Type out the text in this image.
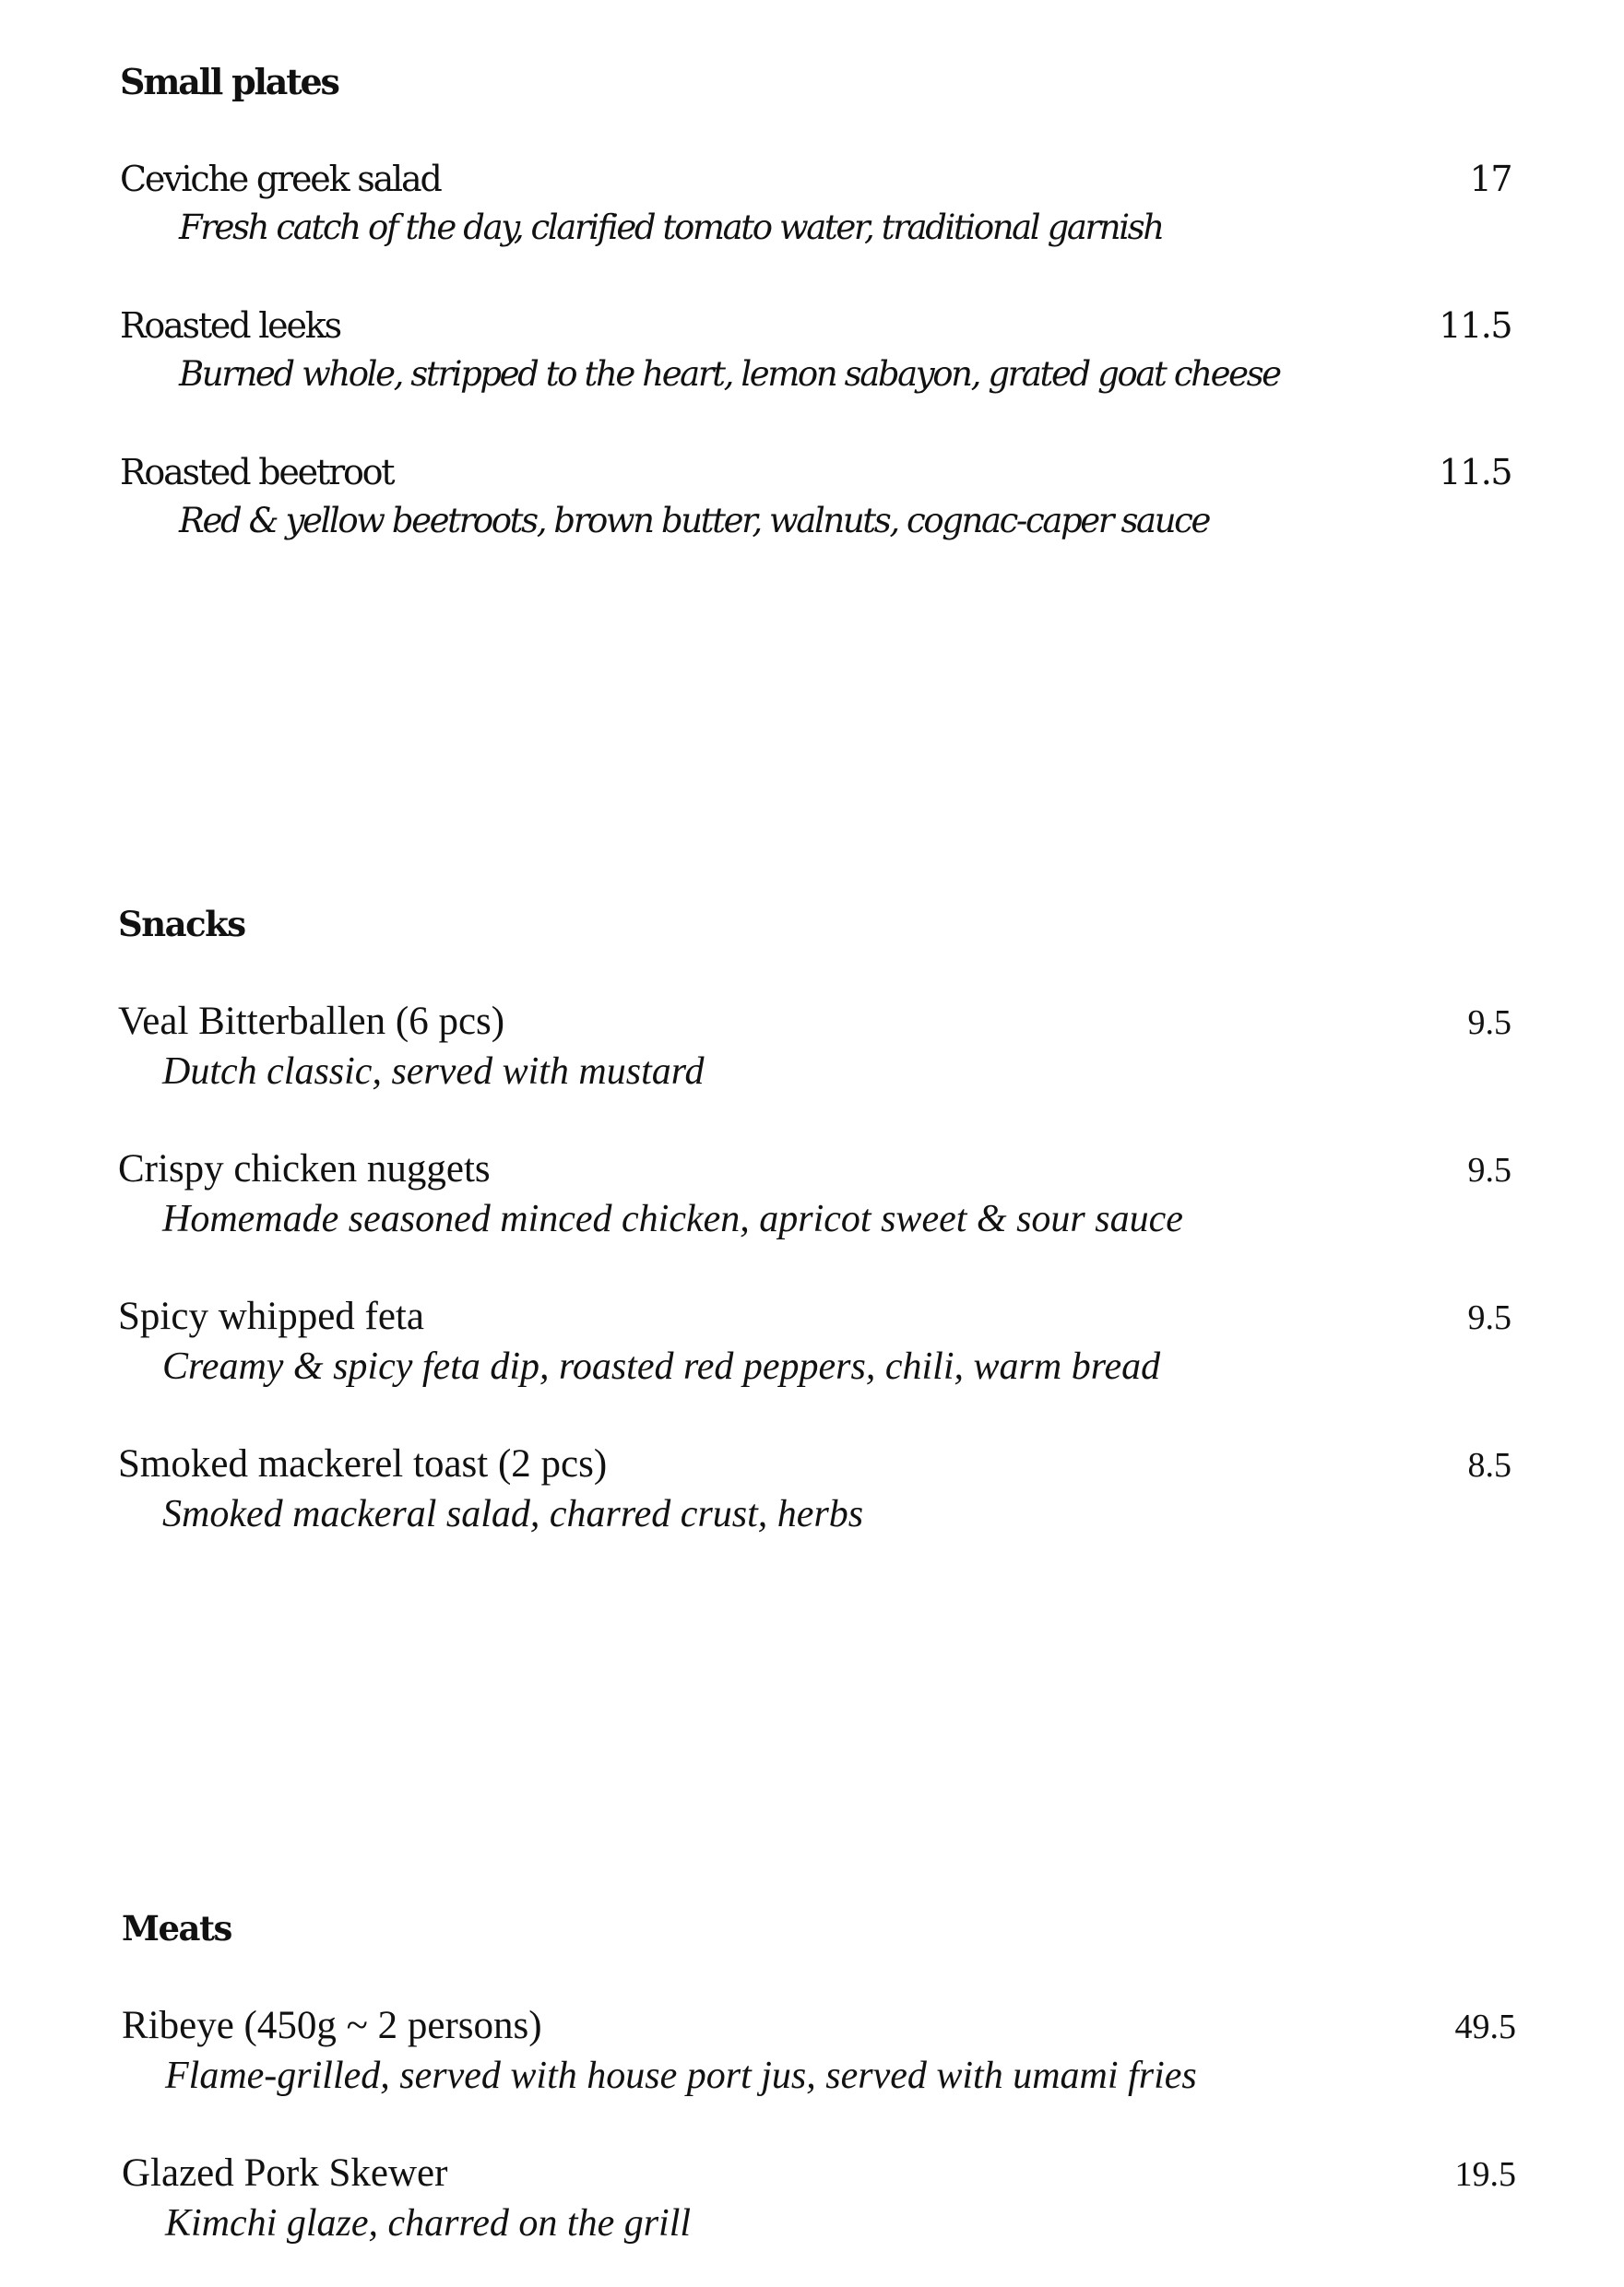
Small plates
Ceviche greek salad	17
Fresh catch of the day, clarified tomato water, traditional garnish
Roasted leeks	11.5
Burned whole, stripped to the heart, lemon sabayon, grated goat cheese
Roasted beetroot	11.5
Red & yellow beetroots, brown butter, walnuts, cognac-caper sauce
Snacks
Veal Bitterballen (6 pcs)	9.5
Dutch classic, served with mustard
Crispy chicken nuggets	9.5
Homemade seasoned minced chicken, apricot sweet & sour sauce
Spicy whipped feta	9.5
Creamy & spicy feta dip, roasted red peppers, chili, warm bread
Smoked mackerel toast (2 pcs)	8.5
Smoked mackeral salad, charred crust, herbs
Meats
Ribeye (450g ~ 2 persons)	49.5
Flame-grilled, served with house port jus, served with umami fries
Glazed Pork Skewer	19.5
Kimchi glaze, charred on the grill
